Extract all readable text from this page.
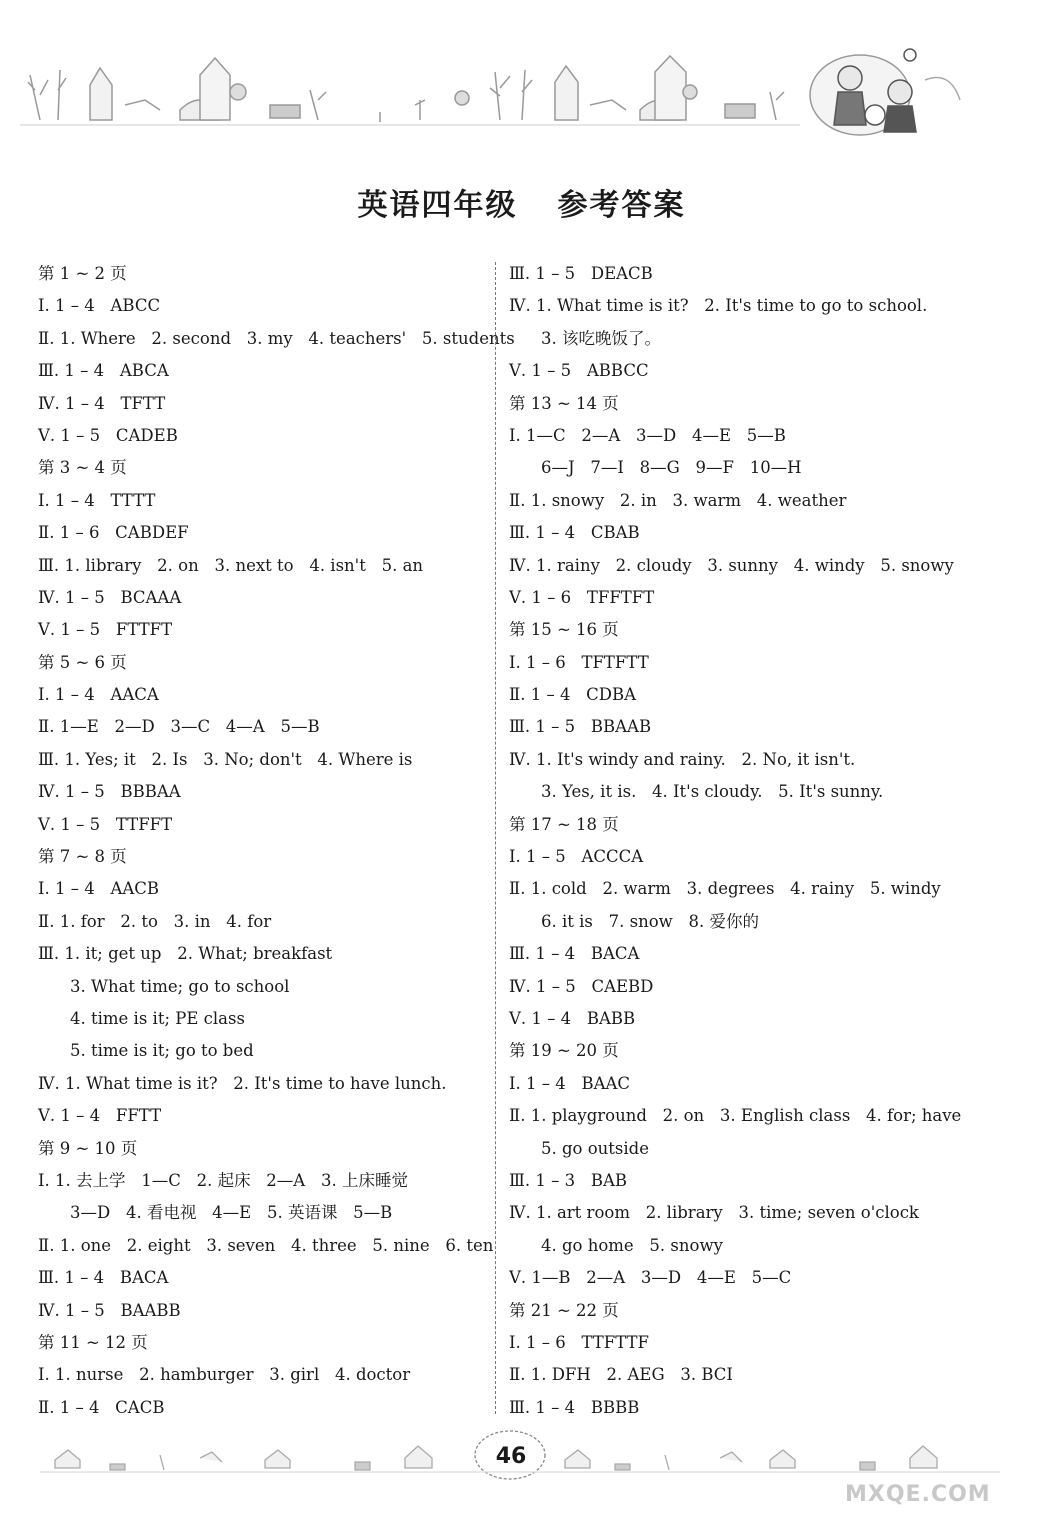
英语四年级 参考答案
第 1 ~ 2 页
Ⅰ. 1 – 4   ABCC
Ⅱ. 1. Where   2. second   3. my   4. teachers'   5. students
Ⅲ. 1 – 4   ABCA
Ⅳ. 1 – 4   TFTT
Ⅴ. 1 – 5   CADEB
第 3 ~ 4 页
Ⅰ. 1 – 4   TTTT
Ⅱ. 1 – 6   CABDEF
Ⅲ. 1. library   2. on   3. next to   4. isn't   5. an
Ⅳ. 1 – 5   BCAAA
Ⅴ. 1 – 5   FTTFT
第 5 ~ 6 页
Ⅰ. 1 – 4   AACA
Ⅱ. 1—E   2—D   3—C   4—A   5—B
Ⅲ. 1. Yes; it   2. Is   3. No; don't   4. Where is
Ⅳ. 1 – 5   BBBAA
Ⅴ. 1 – 5   TTFFT
第 7 ~ 8 页
Ⅰ. 1 – 4   AACB
Ⅱ. 1. for   2. to   3. in   4. for
Ⅲ. 1. it; get up   2. What; breakfast
3. What time; go to school
4. time is it; PE class
5. time is it; go to bed
Ⅳ. 1. What time is it?   2. It's time to have lunch.
Ⅴ. 1 – 4   FFTT
第 9 ~ 10 页
Ⅰ. 1. 去上学   1—C   2. 起床   2—A   3. 上床睡觉
3—D   4. 看电视   4—E   5. 英语课   5—B
Ⅱ. 1. one   2. eight   3. seven   4. three   5. nine   6. ten
Ⅲ. 1 – 4   BACA
Ⅳ. 1 – 5   BAABB
第 11 ~ 12 页
Ⅰ. 1. nurse   2. hamburger   3. girl   4. doctor
Ⅱ. 1 – 4   CACB
Ⅲ. 1 – 5   DEACB
Ⅳ. 1. What time is it?   2. It's time to go to school.
3. 该吃晚饭了。
Ⅴ. 1 – 5   ABBCC
第 13 ~ 14 页
Ⅰ. 1—C   2—A   3—D   4—E   5—B
6—J   7—I   8—G   9—F   10—H
Ⅱ. 1. snowy   2. in   3. warm   4. weather
Ⅲ. 1 – 4   CBAB
Ⅳ. 1. rainy   2. cloudy   3. sunny   4. windy   5. snowy
Ⅴ. 1 – 6   TFFTFT
第 15 ~ 16 页
Ⅰ. 1 – 6   TFTFTT
Ⅱ. 1 – 4   CDBA
Ⅲ. 1 – 5   BBAAB
Ⅳ. 1. It's windy and rainy.   2. No, it isn't.
3. Yes, it is.   4. It's cloudy.   5. It's sunny.
第 17 ~ 18 页
Ⅰ. 1 – 5   ACCCA
Ⅱ. 1. cold   2. warm   3. degrees   4. rainy   5. windy
6. it is   7. snow   8. 爱你的
Ⅲ. 1 – 4   BACA
Ⅳ. 1 – 5   CAEBD
Ⅴ. 1 – 4   BABB
第 19 ~ 20 页
Ⅰ. 1 – 4   BAAC
Ⅱ. 1. playground   2. on   3. English class   4. for; have
5. go outside
Ⅲ. 1 – 3   BAB
Ⅳ. 1. art room   2. library   3. time; seven o'clock
4. go home   5. snowy
Ⅴ. 1—B   2—A   3—D   4—E   5—C
第 21 ~ 22 页
Ⅰ. 1 – 6   TTFTTF
Ⅱ. 1. DFH   2. AEG   3. BCI
Ⅲ. 1 – 4   BBBB
46
MXQE.COM
